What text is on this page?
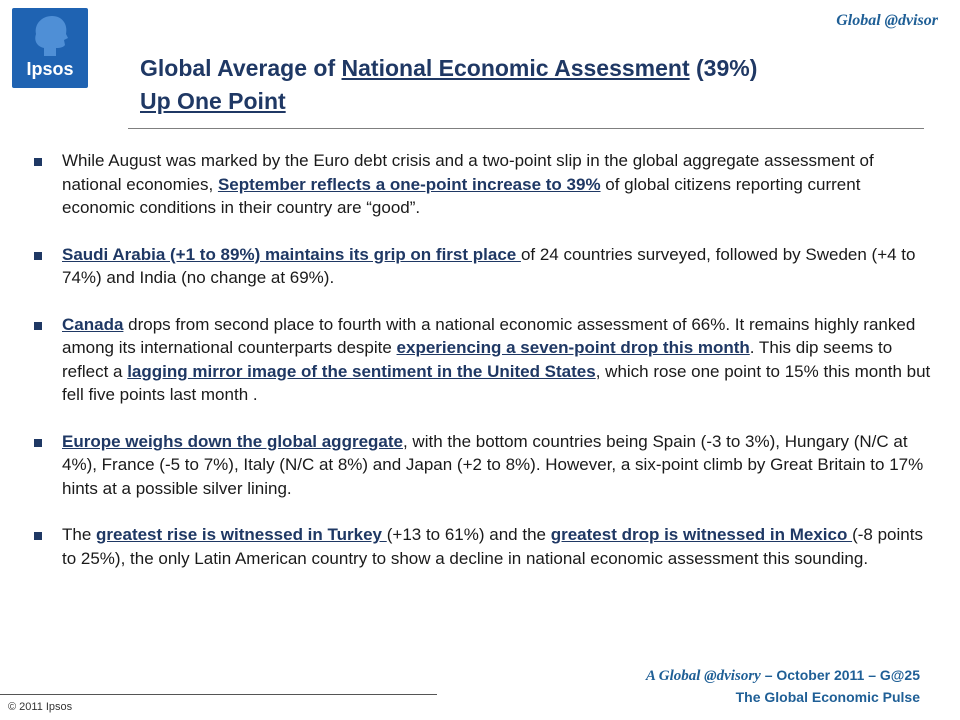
Ipsos
Global @dvisor
Global Average of National Economic Assessment (39%)
Up One Point
While August was marked by the Euro debt crisis and a two-point slip in the global aggregate assessment of national economies, September reflects a one-point increase to 39% of global citizens reporting current economic conditions in their country are “good”.
Saudi Arabia (+1 to 89%) maintains its grip on first place of 24 countries surveyed, followed by Sweden (+4 to 74%) and India (no change at 69%).
Canada drops from second place to fourth with a national economic assessment of 66%. It remains highly ranked among its international counterparts despite experiencing a seven-point drop this month. This dip seems to reflect a lagging mirror image of the sentiment in the United States, which rose one point to 15% this month but fell five points last month .
Europe weighs down the global aggregate, with the bottom countries being Spain (-3 to 3%), Hungary (N/C at 4%), France (-5 to 7%), Italy (N/C at 8%) and Japan (+2 to 8%). However, a six-point climb by Great Britain to 17% hints at a possible silver lining.
The greatest rise is witnessed in Turkey (+13 to 61%) and the greatest drop is witnessed in Mexico (-8 points to 25%), the only Latin American country to show a decline in national economic assessment this sounding.
© 2011 Ipsos
A Global @dvisory – October 2011 – G@25
The Global Economic Pulse
